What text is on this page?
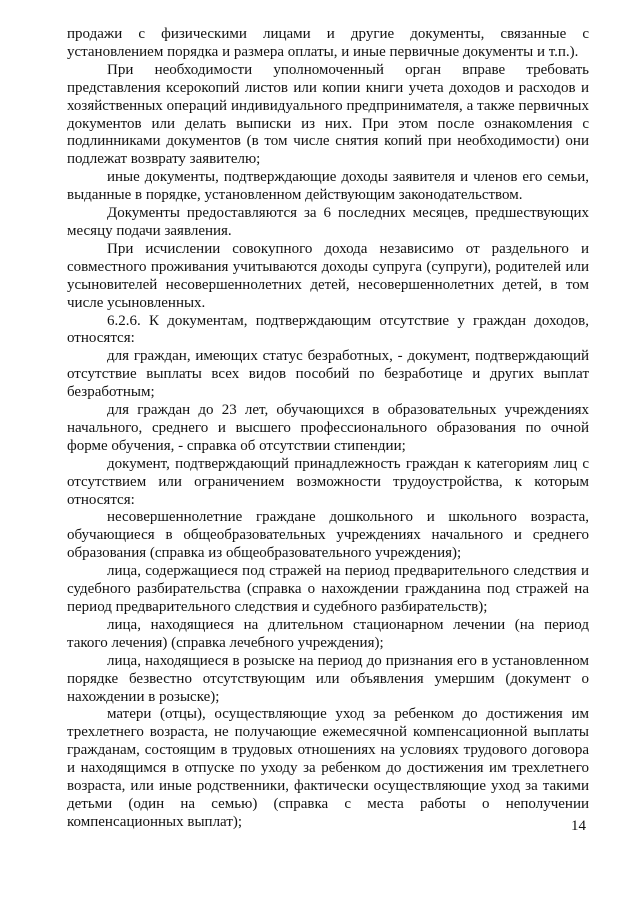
продажи с физическими лицами и другие документы, связанные с установлением порядка и размера оплаты, и иные первичные документы и т.п.).

При необходимости уполномоченный орган вправе требовать представления ксерокопий листов или копии книги учета доходов и расходов и хозяйственных операций индивидуального предпринимателя, а также первичных документов или делать выписки из них. При этом после ознакомления с подлинниками документов (в том числе снятия копий при необходимости) они подлежат возврату заявителю;

иные документы, подтверждающие доходы заявителя и членов его семьи, выданные в порядке, установленном действующим законодательством.

Документы предоставляются за 6 последних месяцев, предшествующих месяцу подачи заявления.

При исчислении совокупного дохода независимо от раздельного и совместного проживания учитываются доходы супруга (супруги), родителей или усыновителей несовершеннолетних детей, несовершеннолетних детей, в том числе усыновленных.

6.2.6. К документам, подтверждающим отсутствие у граждан доходов, относятся:

для граждан, имеющих статус безработных, - документ, подтверждающий отсутствие выплаты всех видов пособий по безработице и других выплат безработным;

для граждан до 23 лет, обучающихся в образовательных учреждениях начального, среднего и высшего профессионального образования по очной форме обучения, - справка об отсутствии стипендии;

документ, подтверждающий принадлежность граждан к категориям лиц с отсутствием или ограничением возможности трудоустройства, к которым относятся:

несовершеннолетние граждане дошкольного и школьного возраста, обучающиеся в общеобразовательных учреждениях начального и среднего образования (справка из общеобразовательного учреждения);

лица, содержащиеся под стражей на период предварительного следствия и судебного разбирательства (справка о нахождении гражданина под стражей на период предварительного следствия и судебного разбирательств);

лица, находящиеся на длительном стационарном лечении (на период такого лечения) (справка лечебного учреждения);

лица, находящиеся в розыске на период до признания его в установленном порядке безвестно отсутствующим или объявления умершим (документ о нахождении в розыске);

матери (отцы), осуществляющие уход за ребенком до достижения им трехлетнего возраста, не получающие ежемесячной компенсационной выплаты гражданам, состоящим в трудовых отношениях на условиях трудового договора и находящимся в отпуске по уходу за ребенком до достижения им трехлетнего возраста, или иные родственники, фактически осуществляющие уход за такими детьми (один на семью) (справка с места работы о неполучении компенсационных выплат);	14
